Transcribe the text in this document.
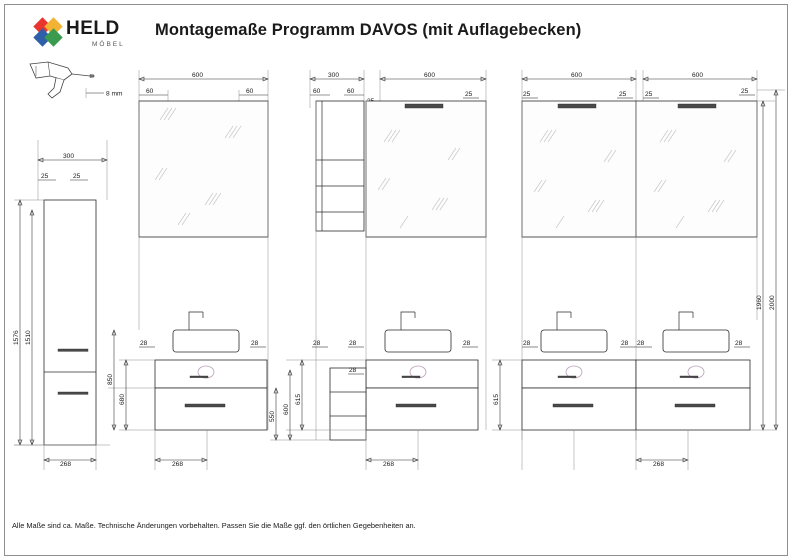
HELD
MÖBEL
Montagemaße Programm DAVOS (mit Auflagebecken)
Alle Maße sind ca. Maße. Technische Änderungen vorbehalten. Passen Sie die Maße ggf. den örtlichen Gegebenheiten an.
8 mm
600
60	60
300	600
60	60	25
600	600
25	25	25	25
300
25	25
1576 1510
268
28	28
850
680
268
28	28	28
28
550
600
615
268
28	28 28	28
615
268
1960 2000
